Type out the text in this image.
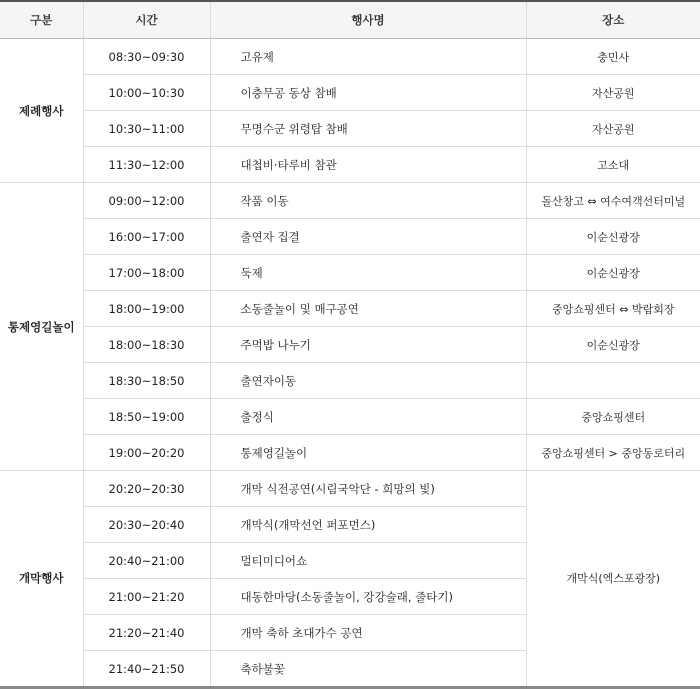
구분	시간	행사명	장소
제례행사	08:30~09:30	고유제	충민사
	10:00~10:30	이충무공 동상 참배	자산공원
	10:30~11:00	무명수군 위령탑 참배	자산공원
	11:30~12:00	대첩비·타루비 참관	고소대
통제영길놀이	09:00~12:00	작품 이동	돌산창고 ⇔ 여수여객선터미널
	16:00~17:00	출연자 집결	이순신광장
	17:00~18:00	둑제	이순신광장
	18:00~19:00	소동줄놀이 및 매구공연	중앙쇼핑센터 ⇔ 박람회장
	18:00~18:30	주먹밥 나누기	이순신광장
	18:30~18:50	출연자이동	
	18:50~19:00	출정식	중앙쇼핑센터
	19:00~20:20	통제영길놀이	중앙쇼핑센터 > 중앙동로터리
개막행사	20:20~20:30	개막 식전공연(시림국악단 - 희망의 빛)	개막식(엑스포광장)
	20:30~20:40	개막식(개막선언 퍼포먼스)	
	20:40~21:00	멀티미디어쇼	
	21:00~21:20	대동한마당(소동줄놀이, 강강술래, 줄타기)	
	21:20~21:40	개막 축하 초대가수 공연	
	21:40~21:50	축하불꽃	
